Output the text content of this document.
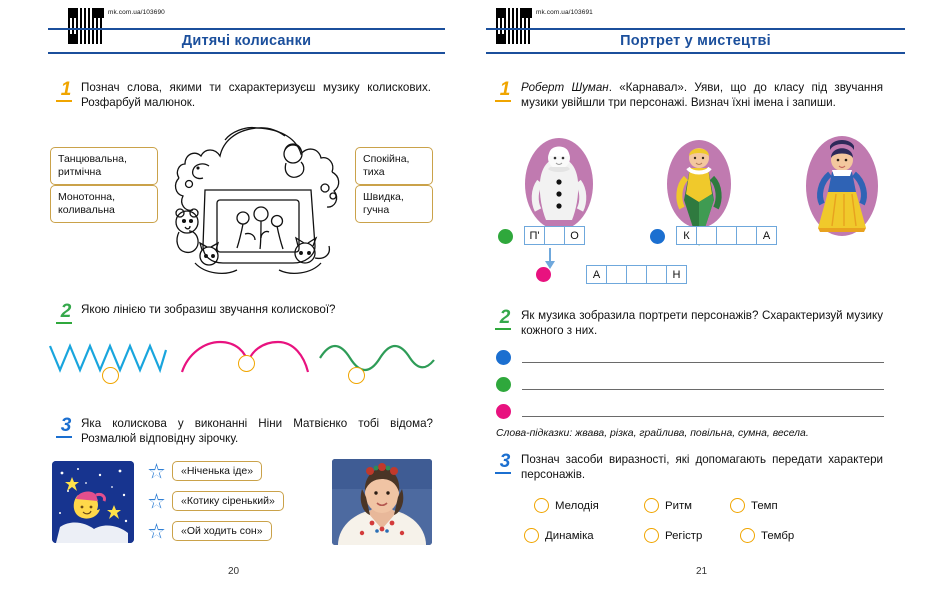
mk.com.ua/103690
Дитячі колисанки
1 Познач слова, якими ти схарактеризуєш музику колискових. Розфарбуй малюнок.
Танцювальна, ритмічна
Монотонна, коливальна
Спокійна, тиха
Швидка, гучна
2 Якою лінією ти зобразиш звучання колискової?
3 Яка колискова у виконанні Ніни Матвієнко тобі відома? Розмалюй відповідну зірочку.
«Ніченька іде»
«Котику сіренький»
«Ой ходить сон»
20
mk.com.ua/103691
Портрет у мистецтві
1 Роберт Шуман. «Карнавал». Уяви, що до класу під звучання музики увійшли три персонажі. Визнач їхні імена і запиши.
П'	О	К	А
А	Н
2 Як музика зобразила портрети персонажів? Схарактеризуй музику кожного з них.
Слова-підказки: жвава, різка, грайлива, повільна, сумна, весела.
3 Познач засоби виразності, які допомагають передати характери персонажів.
Мелодія	Ритм	Темп
Динаміка	Регістр	Тембр
21
